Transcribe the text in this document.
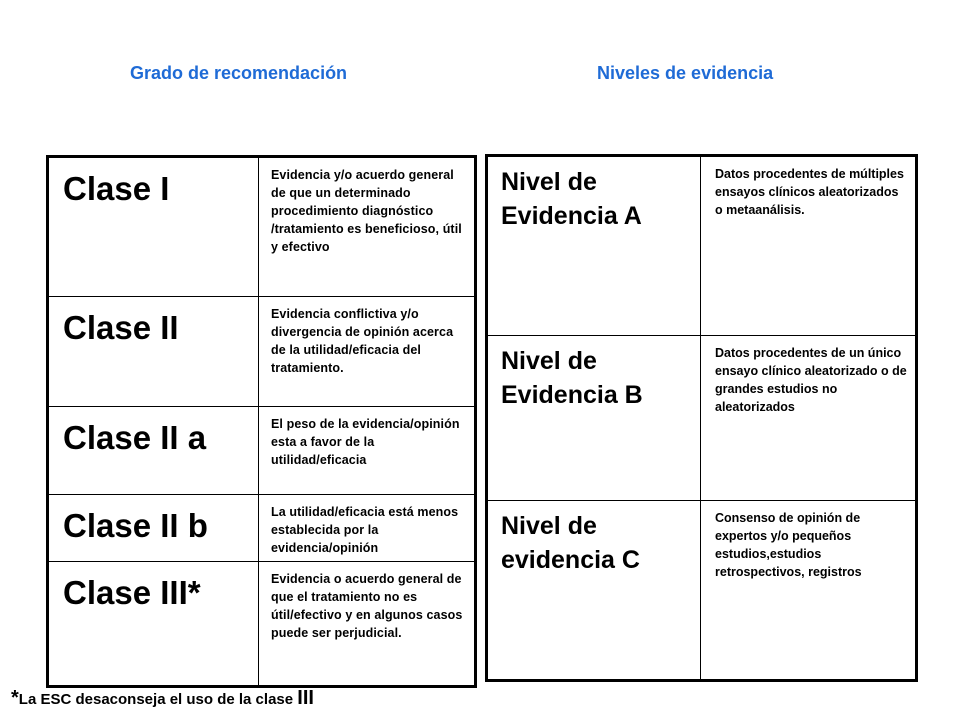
Grado de recomendación	Niveles de evidencia
Clase I	Evidencia y/o acuerdo general de que un determinado procedimiento diagnóstico /tratamiento es beneficioso, útil y efectivo
Clase II	Evidencia conflictiva y/o divergencia de opinión acerca de la utilidad/eficacia del tratamiento.
Clase II a	El peso de la evidencia/opinión esta a favor de la utilidad/eficacia
Clase II b	La utilidad/eficacia está menos establecida por la evidencia/opinión
Clase III*	Evidencia o acuerdo general de que el tratamiento no es útil/efectivo y en algunos casos puede ser perjudicial.
Nivel de Evidencia A	Datos procedentes de múltiples ensayos clínicos aleatorizados o metaanálisis.
Nivel de Evidencia B	Datos procedentes de un único ensayo clínico aleatorizado o de grandes estudios no aleatorizados
Nivel de evidencia C	Consenso de opinión de expertos y/o pequeños estudios,estudios retrospectivos, registros
*La ESC desaconseja el uso de la clase III
